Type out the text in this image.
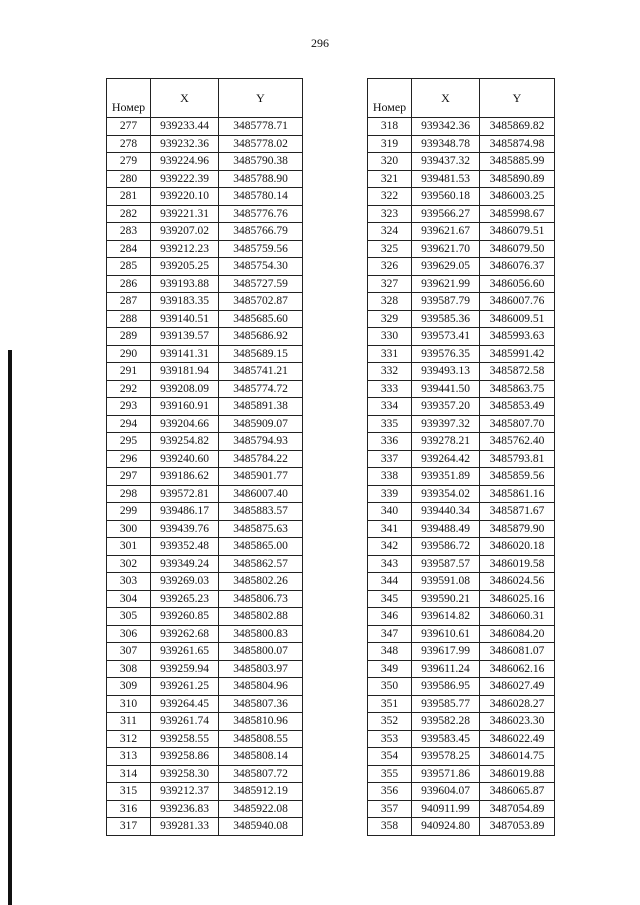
296
Номер	X	Y
277	939233.44	3485778.71
278	939232.36	3485778.02
279	939224.96	3485790.38
280	939222.39	3485788.90
281	939220.10	3485780.14
282	939221.31	3485776.76
283	939207.02	3485766.79
284	939212.23	3485759.56
285	939205.25	3485754.30
286	939193.88	3485727.59
287	939183.35	3485702.87
288	939140.51	3485685.60
289	939139.57	3485686.92
290	939141.31	3485689.15
291	939181.94	3485741.21
292	939208.09	3485774.72
293	939160.91	3485891.38
294	939204.66	3485909.07
295	939254.82	3485794.93
296	939240.60	3485784.22
297	939186.62	3485901.77
298	939572.81	3486007.40
299	939486.17	3485883.57
300	939439.76	3485875.63
301	939352.48	3485865.00
302	939349.24	3485862.57
303	939269.03	3485802.26
304	939265.23	3485806.73
305	939260.85	3485802.88
306	939262.68	3485800.83
307	939261.65	3485800.07
308	939259.94	3485803.97
309	939261.25	3485804.96
310	939264.45	3485807.36
311	939261.74	3485810.96
312	939258.55	3485808.55
313	939258.86	3485808.14
314	939258.30	3485807.72
315	939212.37	3485912.19
316	939236.83	3485922.08
317	939281.33	3485940.08
Номер	X	Y
318	939342.36	3485869.82
319	939348.78	3485874.98
320	939437.32	3485885.99
321	939481.53	3485890.89
322	939560.18	3486003.25
323	939566.27	3485998.67
324	939621.67	3486079.51
325	939621.70	3486079.50
326	939629.05	3486076.37
327	939621.99	3486056.60
328	939587.79	3486007.76
329	939585.36	3486009.51
330	939573.41	3485993.63
331	939576.35	3485991.42
332	939493.13	3485872.58
333	939441.50	3485863.75
334	939357.20	3485853.49
335	939397.32	3485807.70
336	939278.21	3485762.40
337	939264.42	3485793.81
338	939351.89	3485859.56
339	939354.02	3485861.16
340	939440.34	3485871.67
341	939488.49	3485879.90
342	939586.72	3486020.18
343	939587.57	3486019.58
344	939591.08	3486024.56
345	939590.21	3486025.16
346	939614.82	3486060.31
347	939610.61	3486084.20
348	939617.99	3486081.07
349	939611.24	3486062.16
350	939586.95	3486027.49
351	939585.77	3486028.27
352	939582.28	3486023.30
353	939583.45	3486022.49
354	939578.25	3486014.75
355	939571.86	3486019.88
356	939604.07	3486065.87
357	940911.99	3487054.89
358	940924.80	3487053.89
